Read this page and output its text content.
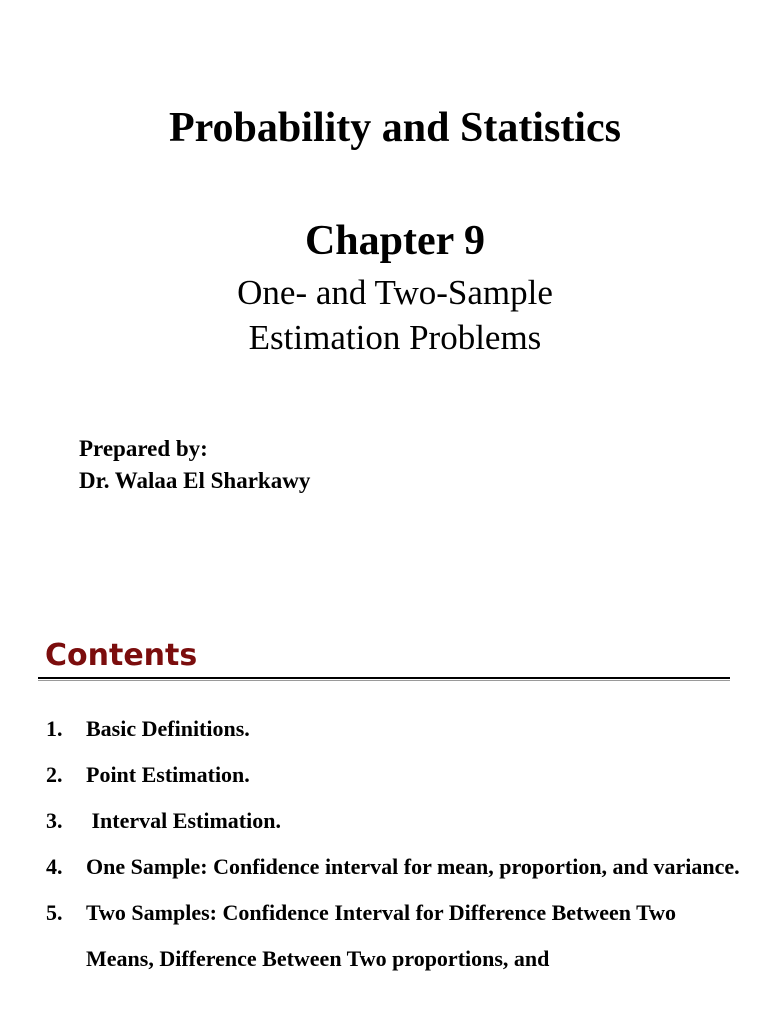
Probability and Statistics
Chapter 9
One- and Two-Sample
Estimation Problems
Prepared by:
Dr. Walaa El Sharkawy
Contents
1.	Basic Definitions.
2.	Point Estimation.
3.	Interval Estimation.
4.	One Sample: Confidence interval for mean, proportion, and variance.
5.	Two Samples: Confidence Interval for Difference Between Two Means, Difference Between Two proportions, and
